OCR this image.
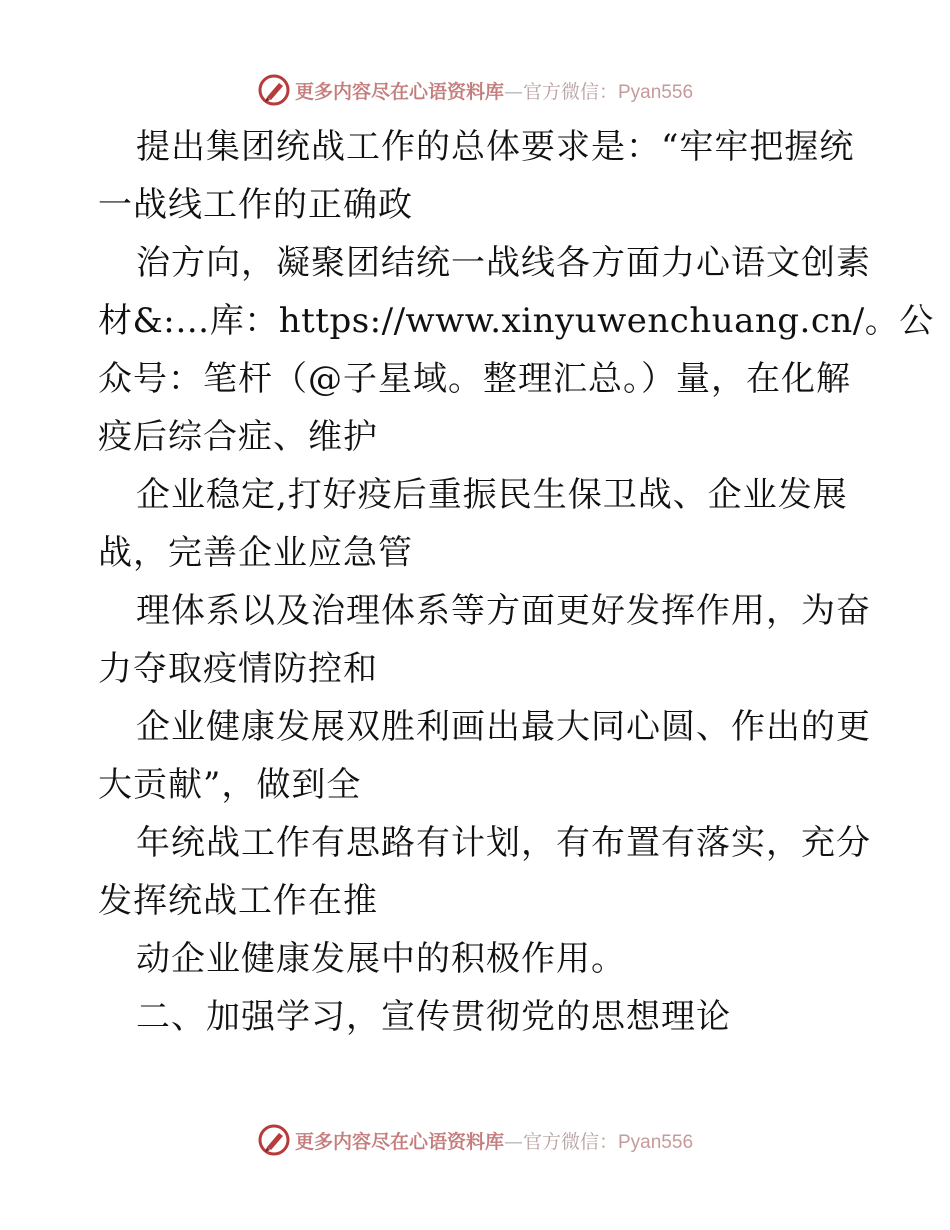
更多内容尽在心语资料库—官方微信：Pyan556
提出集团统战工作的总体要求是：“牢牢把握统
一战线工作的正确政
治方向，凝聚团结统一战线各方面力心语文创素
材&:…库：https://www.xinyuwenchuang.cn/。公
众号：笔杆（@子星域。整理汇总。）量，在化解
疫后综合症、维护
企业稳定,打好疫后重振民生保卫战、企业发展
战，完善企业应急管
理体系以及治理体系等方面更好发挥作用，为奋
力夺取疫情防控和
企业健康发展双胜利画出最大同心圆、作出的更
大贡献”，做到全
年统战工作有思路有计划，有布置有落实，充分
发挥统战工作在推
动企业健康发展中的积极作用。
二、加强学习，宣传贯彻党的思想理论
更多内容尽在心语资料库—官方微信：Pyan556
